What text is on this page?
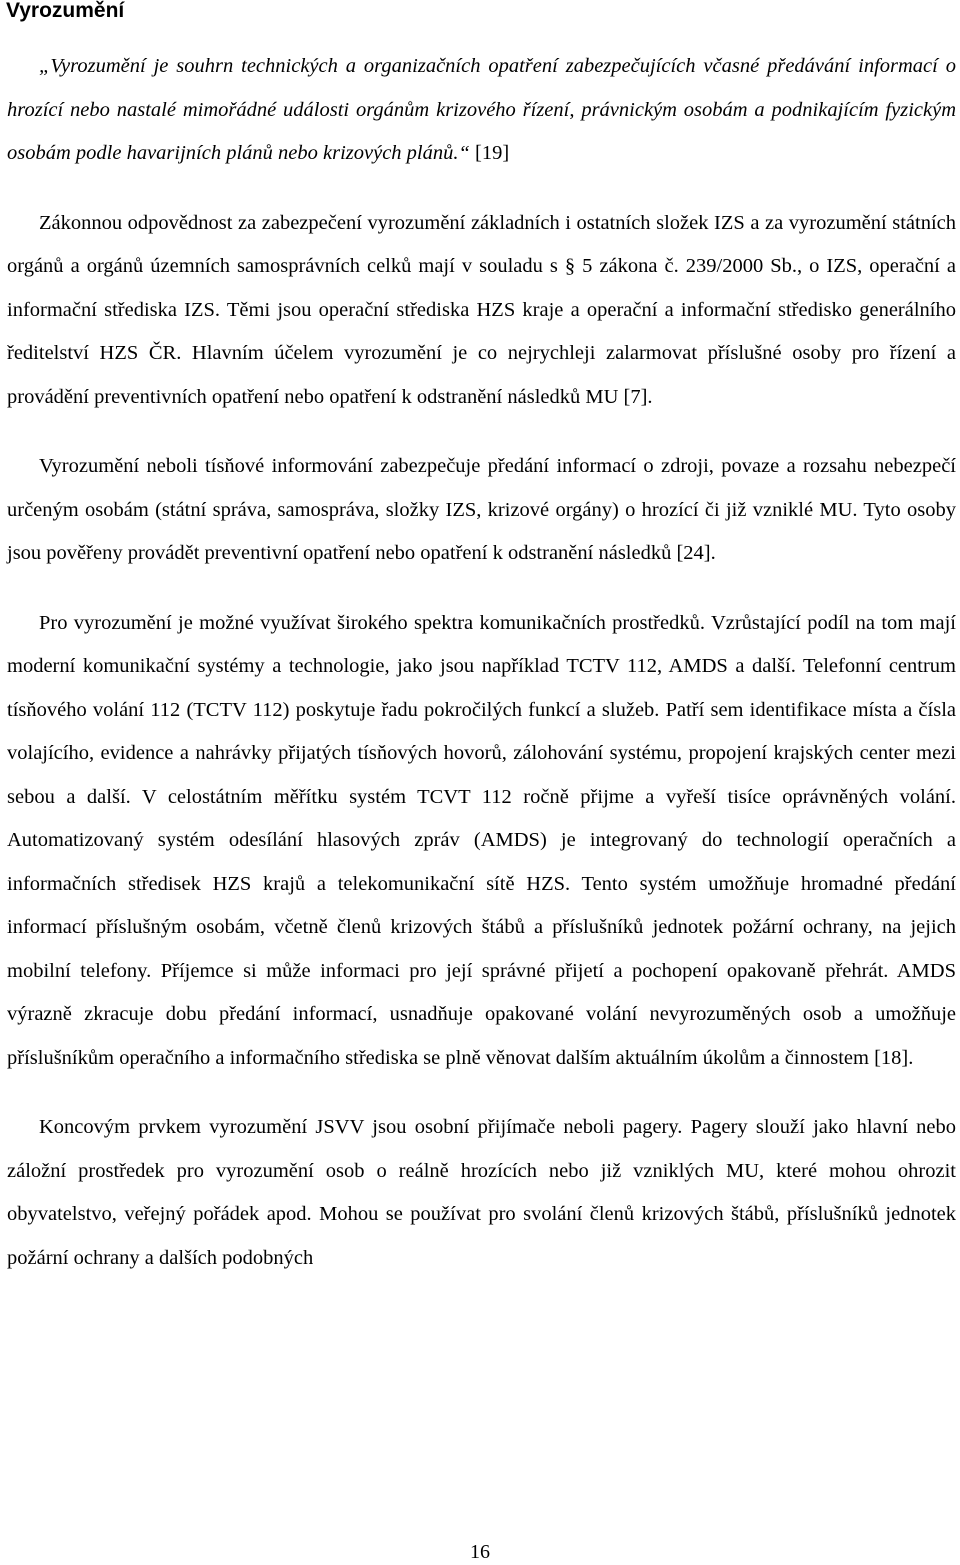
Vyrozumění

„Vyrozumění je souhrn technických a organizačních opatření zabezpečujících včasné předávání informací o hrozící nebo nastalé mimořádné události orgánům krizového řízení, právnickým osobám a podnikajícím fyzickým osobám podle havarijních plánů nebo krizových plánů.“ [19]

Zákonnou odpovědnost za zabezpečení vyrozumění základních i ostatních složek IZS a za vyrozumění státních orgánů a orgánů územních samosprávních celků mají v souladu s § 5 zákona č. 239/2000 Sb., o IZS, operační a informační střediska IZS. Těmi jsou operační střediska HZS kraje a operační a informační středisko generálního ředitelství HZS ČR. Hlavním účelem vyrozumění je co nejrychleji zalarmovat příslušné osoby pro řízení a provádění preventivních opatření nebo opatření k odstranění následků MU [7].

Vyrozumění neboli tísňové informování zabezpečuje předání informací o zdroji, povaze a rozsahu nebezpečí určeným osobám (státní správa, samospráva, složky IZS, krizové orgány) o hrozící či již vzniklé MU. Tyto osoby jsou pověřeny provádět preventivní opatření nebo opatření k odstranění následků [24].

Pro vyrozumění je možné využívat širokého spektra komunikačních prostředků. Vzrůstající podíl na tom mají moderní komunikační systémy a technologie, jako jsou například TCTV 112, AMDS a další. Telefonní centrum tísňového volání 112 (TCTV 112) poskytuje řadu pokročilých funkcí a služeb. Patří sem identifikace místa a čísla volajícího, evidence a nahrávky přijatých tísňových hovorů, zálohování systému, propojení krajských center mezi sebou a další. V celostátním měřítku systém TCVT 112 ročně přijme a vyřeší tisíce oprávněných volání. Automatizovaný systém odesílání hlasových zpráv (AMDS) je integrovaný do technologií operačních a informačních středisek HZS krajů a telekomunikační sítě HZS. Tento systém umožňuje hromadné předání informací příslušným osobám, včetně členů krizových štábů a příslušníků jednotek požární ochrany, na jejich mobilní telefony. Příjemce si může informaci pro její správné přijetí a pochopení opakovaně přehrát. AMDS výrazně zkracuje dobu předání informací, usnadňuje opakované volání nevyrozuměných osob a umožňuje příslušníkům operačního a informačního střediska se plně věnovat dalším aktuálním úkolům a činnostem [18].

Koncovým prvkem vyrozumění JSVV jsou osobní přijímače neboli pagery. Pagery slouží jako hlavní nebo záložní prostředek pro vyrozumění osob o reálně hrozících nebo již vzniklých MU, které mohou ohrozit obyvatelstvo, veřejný pořádek apod. Mohou se používat pro svolání členů krizových štábů, příslušníků jednotek požární ochrany a dalších podobných

16
